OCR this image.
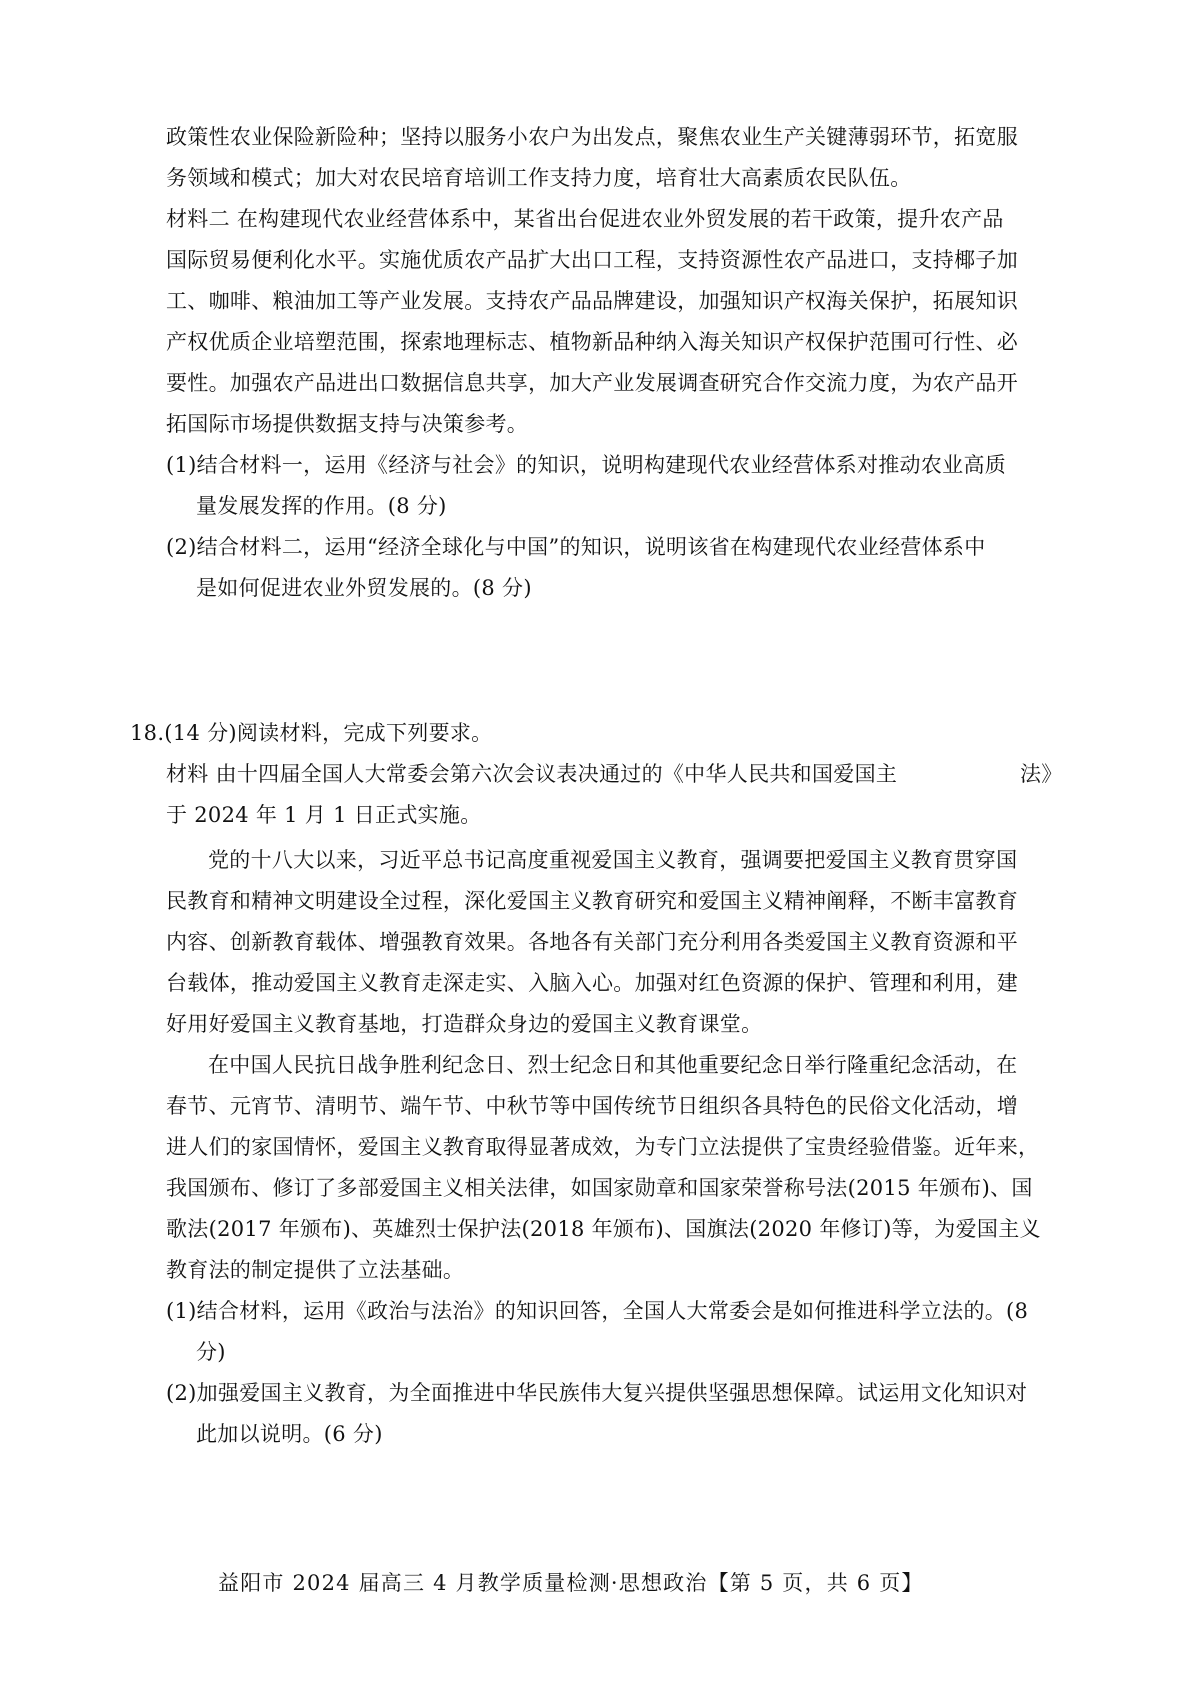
政策性农业保险新险种；坚持以服务小农户为出发点，聚焦农业生产关键薄弱环节，拓宽服
务领域和模式；加大对农民培育培训工作支持力度，培育壮大高素质农民队伍。
材料二 在构建现代农业经营体系中，某省出台促进农业外贸发展的若干政策，提升农产品
国际贸易便利化水平。实施优质农产品扩大出口工程，支持资源性农产品进口，支持椰子加
工、咖啡、粮油加工等产业发展。支持农产品品牌建设，加强知识产权海关保护，拓展知识
产权优质企业培塑范围，探索地理标志、植物新品种纳入海关知识产权保护范围可行性、必
要性。加强农产品进出口数据信息共享，加大产业发展调查研究合作交流力度，为农产品开
拓国际市场提供数据支持与决策参考。
(1)结合材料一，运用《经济与社会》的知识，说明构建现代农业经营体系对推动农业高质
量发展发挥的作用。(8 分)
(2)结合材料二，运用“经济全球化与中国”的知识，说明该省在构建现代农业经营体系中
是如何促进农业外贸发展的。(8 分)
18.(14 分)阅读材料，完成下列要求。
材料 由十四届全国人大常委会第六次会议表决通过的《中华人民共和国爱国主	法》
于 2024 年 1 月 1 日正式实施。
党的十八大以来，习近平总书记高度重视爱国主义教育，强调要把爱国主义教育贯穿国
民教育和精神文明建设全过程，深化爱国主义教育研究和爱国主义精神阐释，不断丰富教育
内容、创新教育载体、增强教育效果。各地各有关部门充分利用各类爱国主义教育资源和平
台载体，推动爱国主义教育走深走实、入脑入心。加强对红色资源的保护、管理和利用，建
好用好爱国主义教育基地，打造群众身边的爱国主义教育课堂。
在中国人民抗日战争胜利纪念日、烈士纪念日和其他重要纪念日举行隆重纪念活动，在
春节、元宵节、清明节、端午节、中秋节等中国传统节日组织各具特色的民俗文化活动，增
进人们的家国情怀，爱国主义教育取得显著成效，为专门立法提供了宝贵经验借鉴。近年来，
我国颁布、修订了多部爱国主义相关法律，如国家勋章和国家荣誉称号法(2015 年颁布)、国
歌法(2017 年颁布)、英雄烈士保护法(2018 年颁布)、国旗法(2020 年修订)等，为爱国主义
教育法的制定提供了立法基础。
(1)结合材料，运用《政治与法治》的知识回答，全国人大常委会是如何推进科学立法的。(8
分)
(2)加强爱国主义教育，为全面推进中华民族伟大复兴提供坚强思想保障。试运用文化知识对
此加以说明。(6 分)
益阳市 2024 届高三 4 月教学质量检测·思想政治【第 5 页，共 6 页】
